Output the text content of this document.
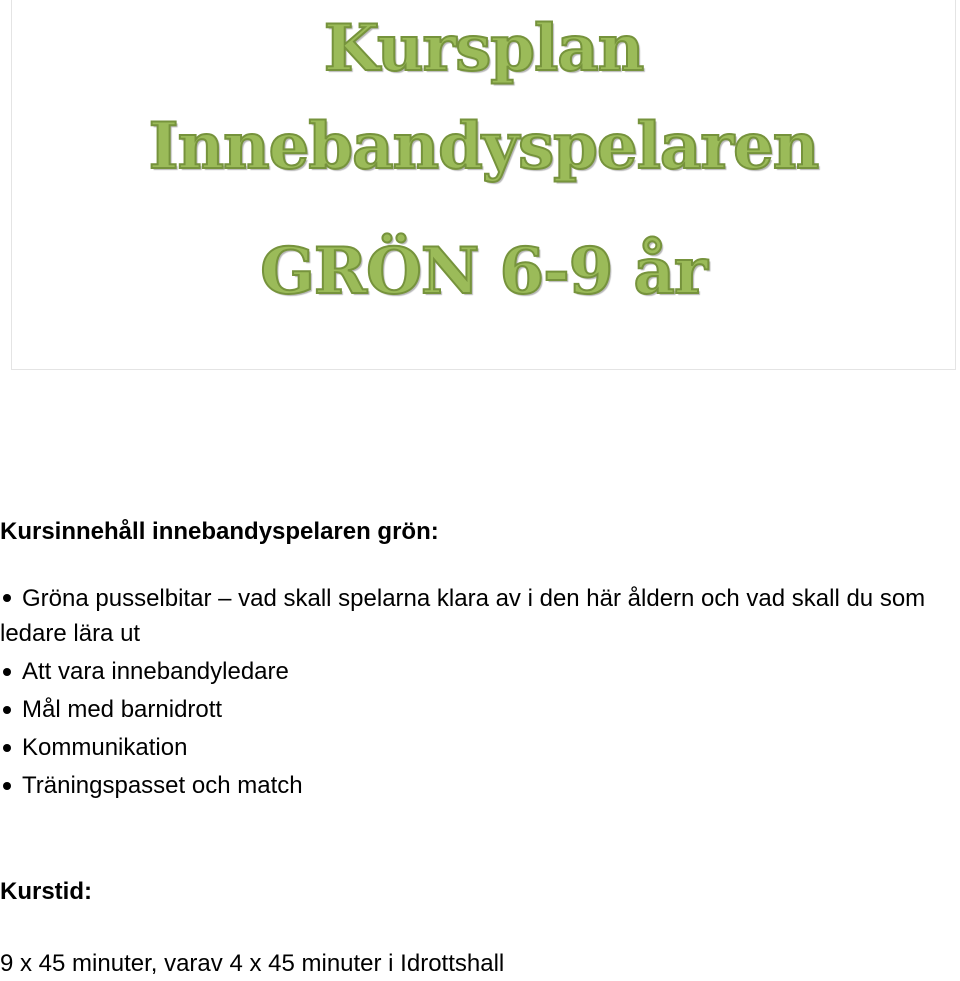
Kursplan
Innebandyspelaren
GRÖN 6-9 år
Kursinnehåll innebandyspelaren grön:
Gröna pusselbitar – vad skall spelarna klara av i den här åldern och vad skall du som ledare lära ut
Att vara innebandyledare
Mål med barnidrott
Kommunikation
Träningspasset och match
Kurstid:
9 x 45 minuter, varav 4 x 45 minuter i Idrottshall
